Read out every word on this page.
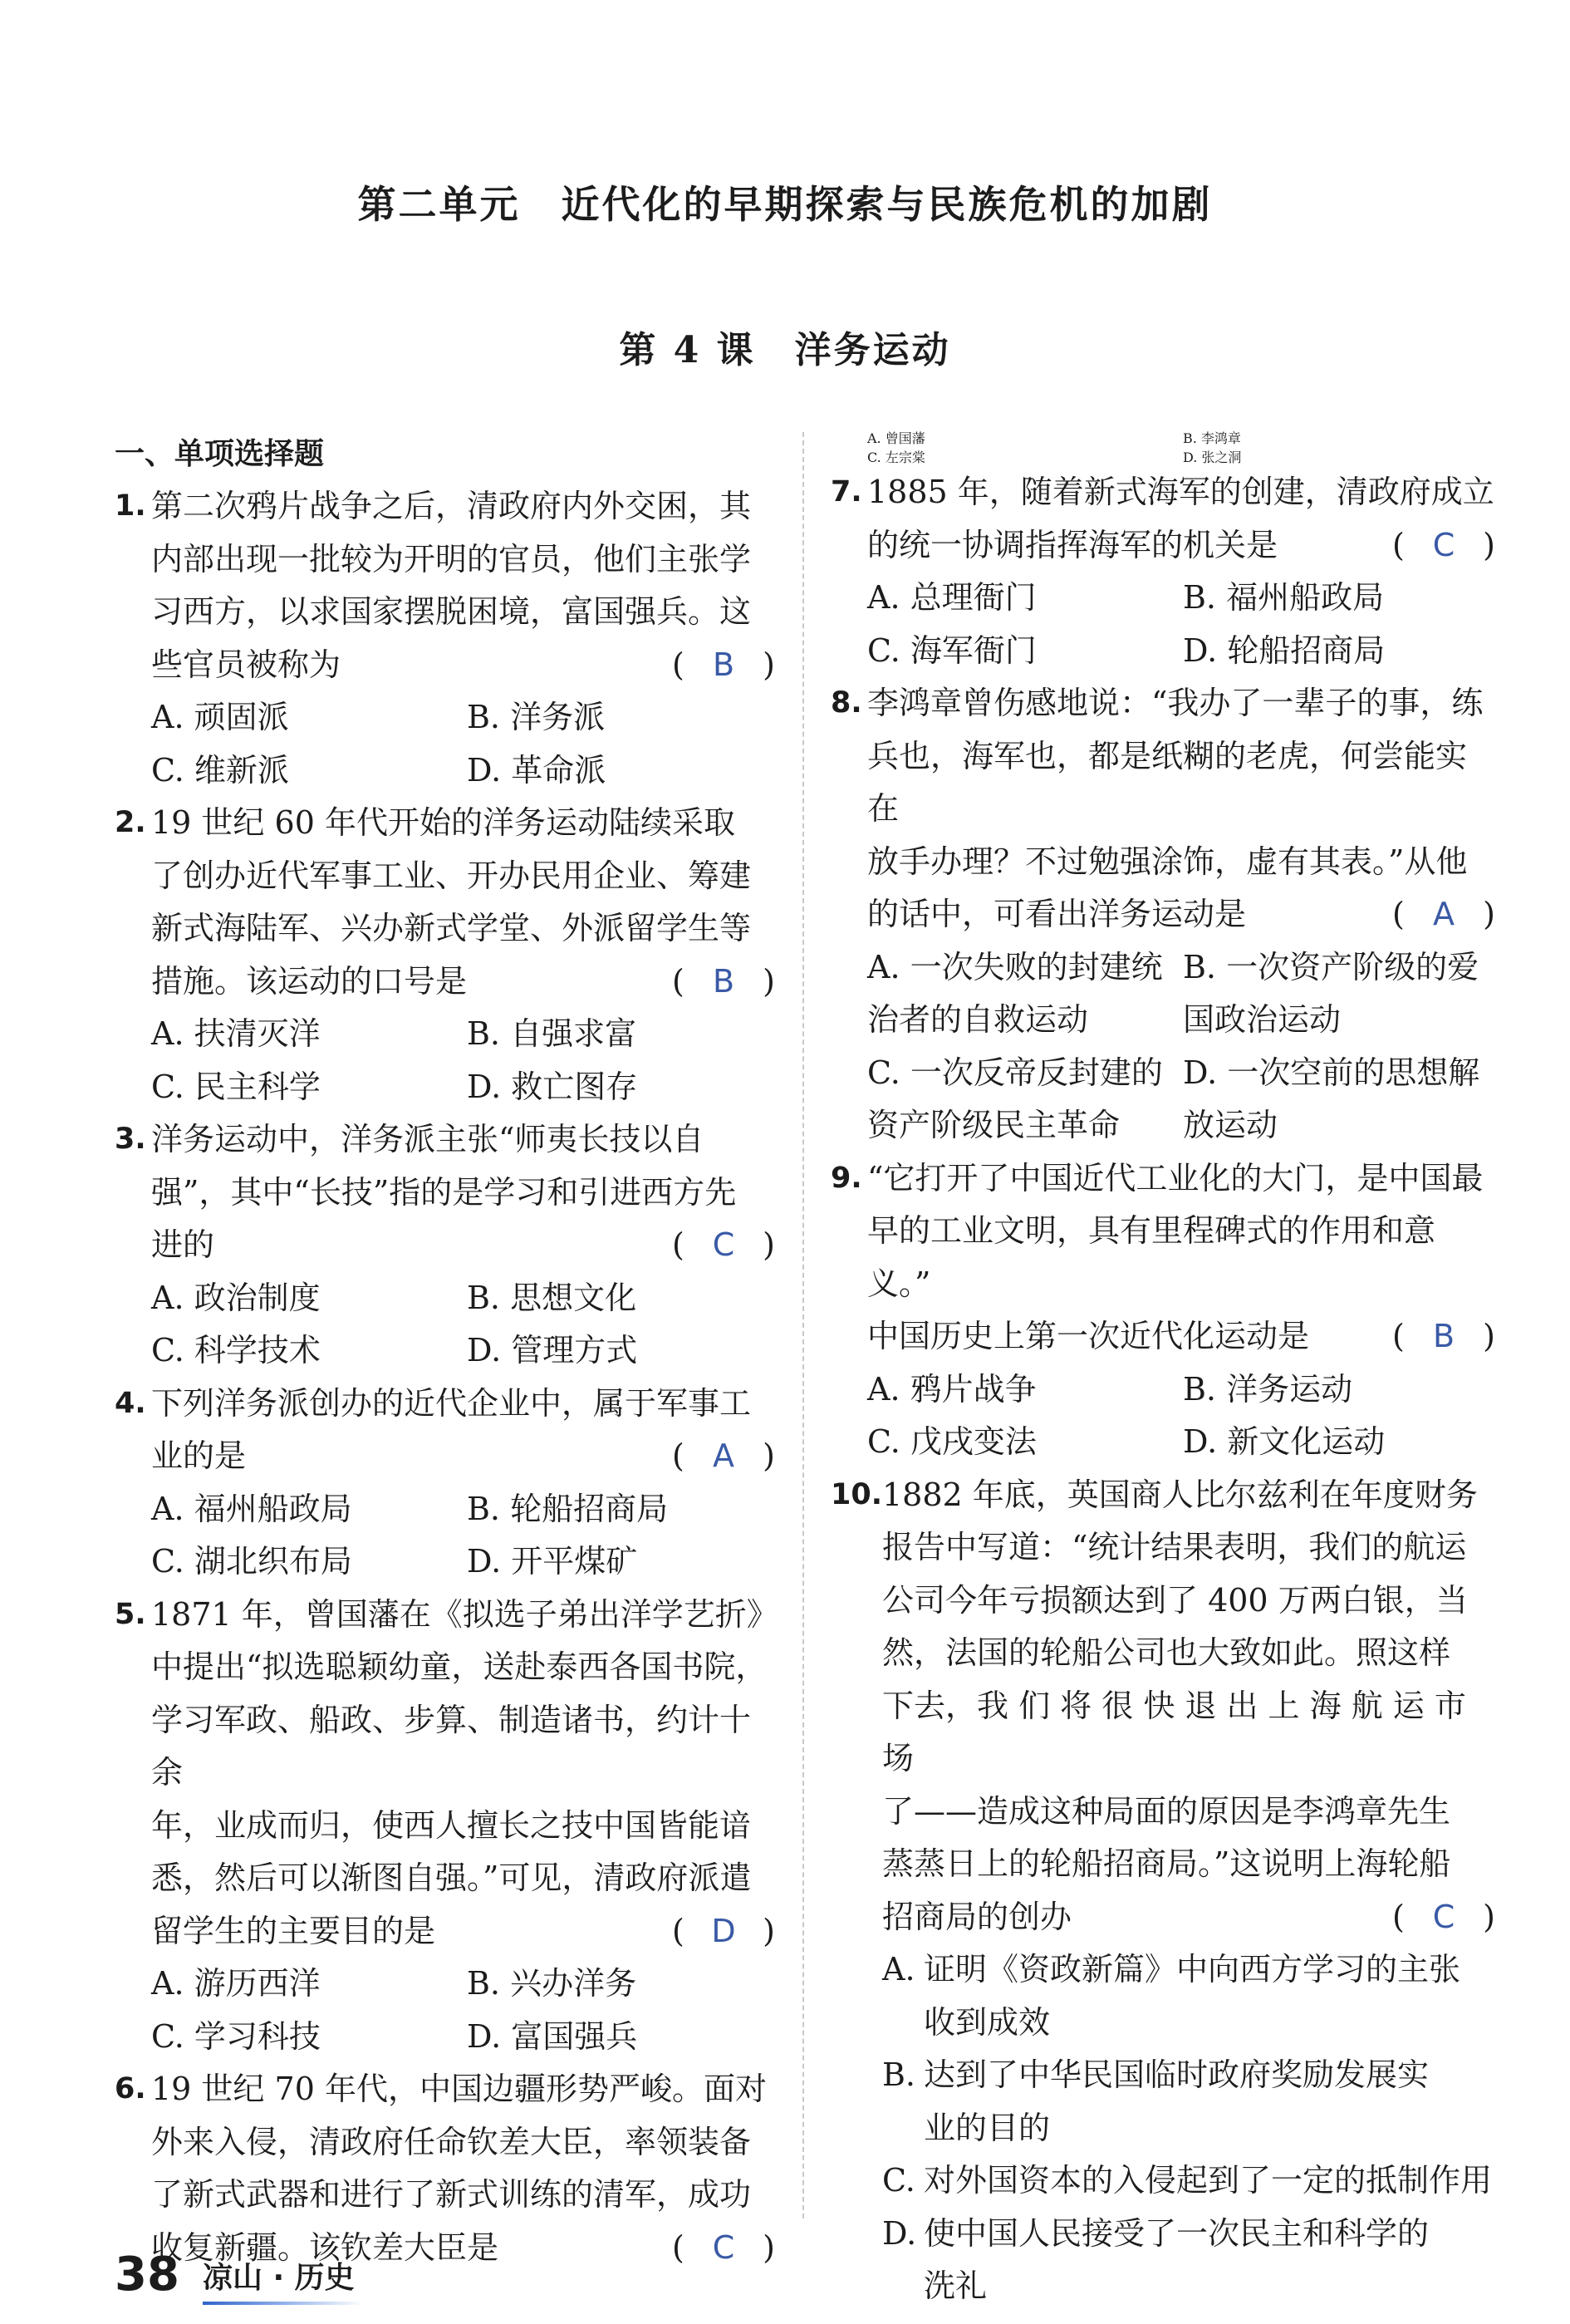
第二单元　近代化的早期探索与民族危机的加剧
第 4 课　洋务运动
一、单项选择题
1. 第二次鸦片战争之后，清政府内外交困，其
内部出现一批较为开明的官员，他们主张学
习西方，以求国家摆脱困境，富国强兵。这
些官员被称为	( B )
A. 顽固派	B. 洋务派
C. 维新派	D. 革命派
2. 19 世纪 60 年代开始的洋务运动陆续采取
了创办近代军事工业、开办民用企业、筹建
新式海陆军、兴办新式学堂、外派留学生等
措施。该运动的口号是	( B )
A. 扶清灭洋	B. 自强求富
C. 民主科学	D. 救亡图存
3. 洋务运动中，洋务派主张“师夷长技以自
强”，其中“长技”指的是学习和引进西方先
进的	( C )
A. 政治制度	B. 思想文化
C. 科学技术	D. 管理方式
4. 下列洋务派创办的近代企业中，属于军事工
业的是	( A )
A. 福州船政局	B. 轮船招商局
C. 湖北织布局	D. 开平煤矿
5. 1871 年，曾国藩在《拟选子弟出洋学艺折》
中提出“拟选聪颖幼童，送赴泰西各国书院，
学习军政、船政、步算、制造诸书，约计十余
年，业成而归，使西人擅长之技中国皆能谙
悉，然后可以渐图自强。”可见，清政府派遣
留学生的主要目的是	( D )
A. 游历西洋	B. 兴办洋务
C. 学习科技	D. 富国强兵
6. 19 世纪 70 年代，中国边疆形势严峻。面对
外来入侵，清政府任命钦差大臣，率领装备
了新式武器和进行了新式训练的清军，成功
收复新疆。该钦差大臣是	( C )
A. 曾国藩	B. 李鸿章
C. 左宗棠	D. 张之洞
7. 1885 年，随着新式海军的创建，清政府成立
的统一协调指挥海军的机关是	( C )
A. 总理衙门	B. 福州船政局
C. 海军衙门	D. 轮船招商局
8. 李鸿章曾伤感地说：“我办了一辈子的事，练
兵也，海军也，都是纸糊的老虎，何尝能实在
放手办理？不过勉强涂饰，虚有其表。”从他
的话中，可看出洋务运动是	( A )
A. 一次失败的封建统治者的自救运动
B. 一次资产阶级的爱国政治运动
C. 一次反帝反封建的资产阶级民主革命
D. 一次空前的思想解放运动
9. “它打开了中国近代工业化的大门，是中国最
早的工业文明，具有里程碑式的作用和意义。”
中国历史上第一次近代化运动是	( B )
A. 鸦片战争	B. 洋务运动
C. 戊戌变法	D. 新文化运动
10. 1882 年底，英国商人比尔兹利在年度财务
报告中写道：“统计结果表明，我们的航运
公司今年亏损额达到了 400 万两白银，当
然，法国的轮船公司也大致如此。照这样
下去，我 们 将 很 快 退 出 上 海 航 运 市 场
了——造成这种局面的原因是李鸿章先生
蒸蒸日上的轮船招商局。”这说明上海轮船
招商局的创办	( C )
A. 证明《资政新篇》中向西方学习的主张
收到成效
B. 达到了中华民国临时政府奖励发展实
业的目的
C. 对外国资本的入侵起到了一定的抵制作用
D. 使中国人民接受了一次民主和科学的
洗礼
38 凉山 · 历史
